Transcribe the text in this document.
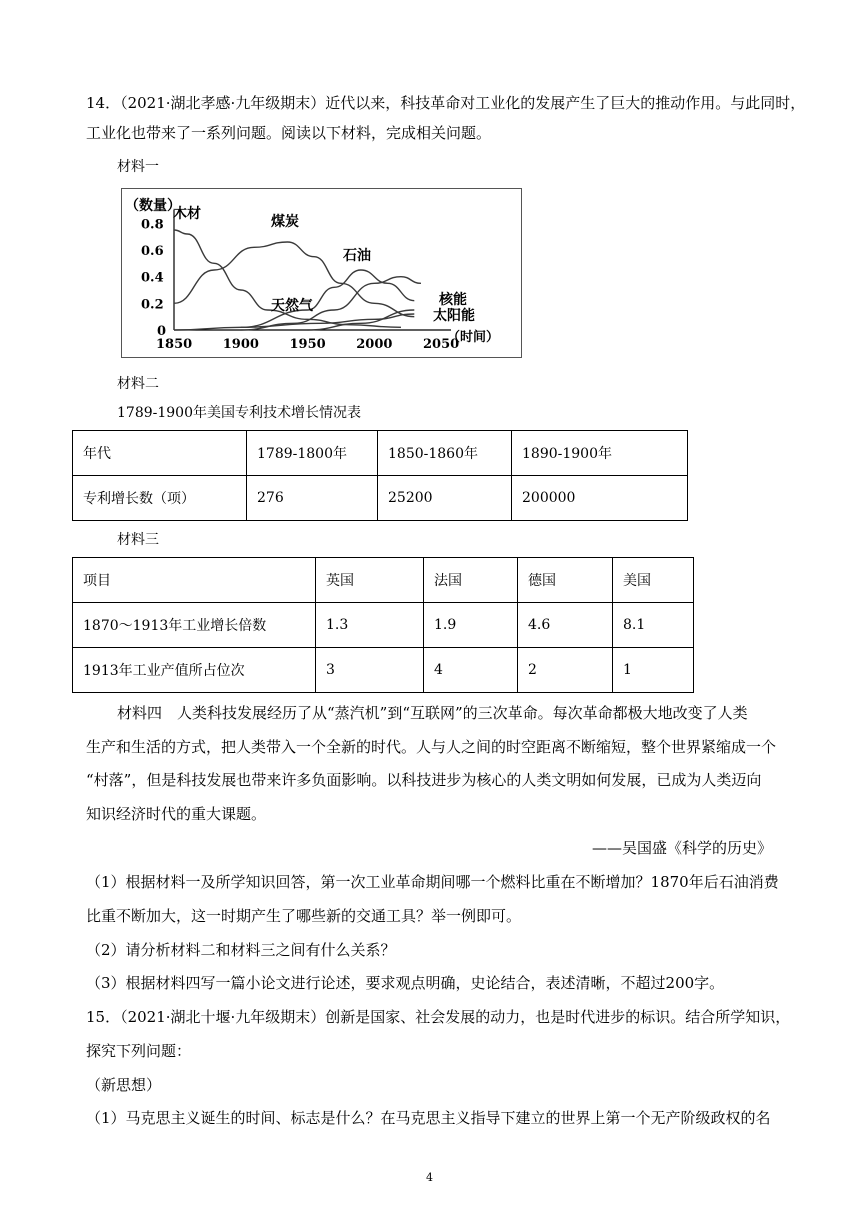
14．（2021·湖北孝感·九年级期末）近代以来，科技革命对工业化的发展产生了巨大的推动作用。与此同时，
工业化也带来了一系列问题。阅读以下材料，完成相关问题。
材料一
（数量）
0.8
0.6
0.4
0.2
0
1850 1900 1950 2000 2050
木材	煤炭
石油
天然气	核能
太阳能
（时间）
材料二
1789-1900年美国专利技术增长情况表
年代	1789-1800年	1850-1860年	1890-1900年
专利增长数（项）	276	25200	200000
材料三
项目	英国	法国	德国	美国
1870～1913年工业增长倍数	1.3	1.9	4.6	8.1
1913年工业产值所占位次	3	4	2	1
材料四　人类科技发展经历了从“蒸汽机”到“互联网”的三次革命。每次革命都极大地改变了人类
生产和生活的方式，把人类带入一个全新的时代。人与人之间的时空距离不断缩短，整个世界紧缩成一个
“村落”，但是科技发展也带来许多负面影响。以科技进步为核心的人类文明如何发展，已成为人类迈向
知识经济时代的重大课题。
——吴国盛《科学的历史》
（1）根据材料一及所学知识回答，第一次工业革命期间哪一个燃料比重在不断增加？1870年后石油消费
比重不断加大，这一时期产生了哪些新的交通工具？举一例即可。
（2）请分析材料二和材料三之间有什么关系？
（3）根据材料四写一篇小论文进行论述，要求观点明确，史论结合，表述清晰，不超过200字。
15．（2021·湖北十堰·九年级期末）创新是国家、社会发展的动力，也是时代进步的标识。结合所学知识，
探究下列问题：
（新思想）
（1）马克思主义诞生的时间、标志是什么？在马克思主义指导下建立的世界上第一个无产阶级政权的名
4
